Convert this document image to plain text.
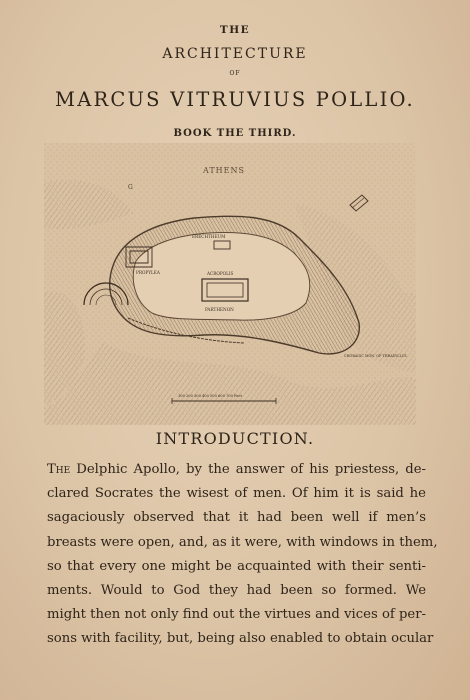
THE
ARCHITECTURE
OF
MARCUS VITRUVIUS POLLIO.
BOOK THE THIRD.
ATHENS
G
ERECHTHEUM
PROPYLEA	ACROPOLIS
PARTHENON
CHORAGIC MON. OF THRASYLLUS
100 200 300 400 500 600 700 Feet
INTRODUCTION.
The Delphic Apollo, by the answer of his priestess, de-
clared Socrates the wisest of men. Of him it is said he
sagaciously observed that it had been well if men’s
breasts were open, and, as it were, with windows in them,
so that every one might be acquainted with their senti-
ments. Would to God they had been so formed. We
might then not only find out the virtues and vices of per-
sons with facility, but, being also enabled to obtain ocular
